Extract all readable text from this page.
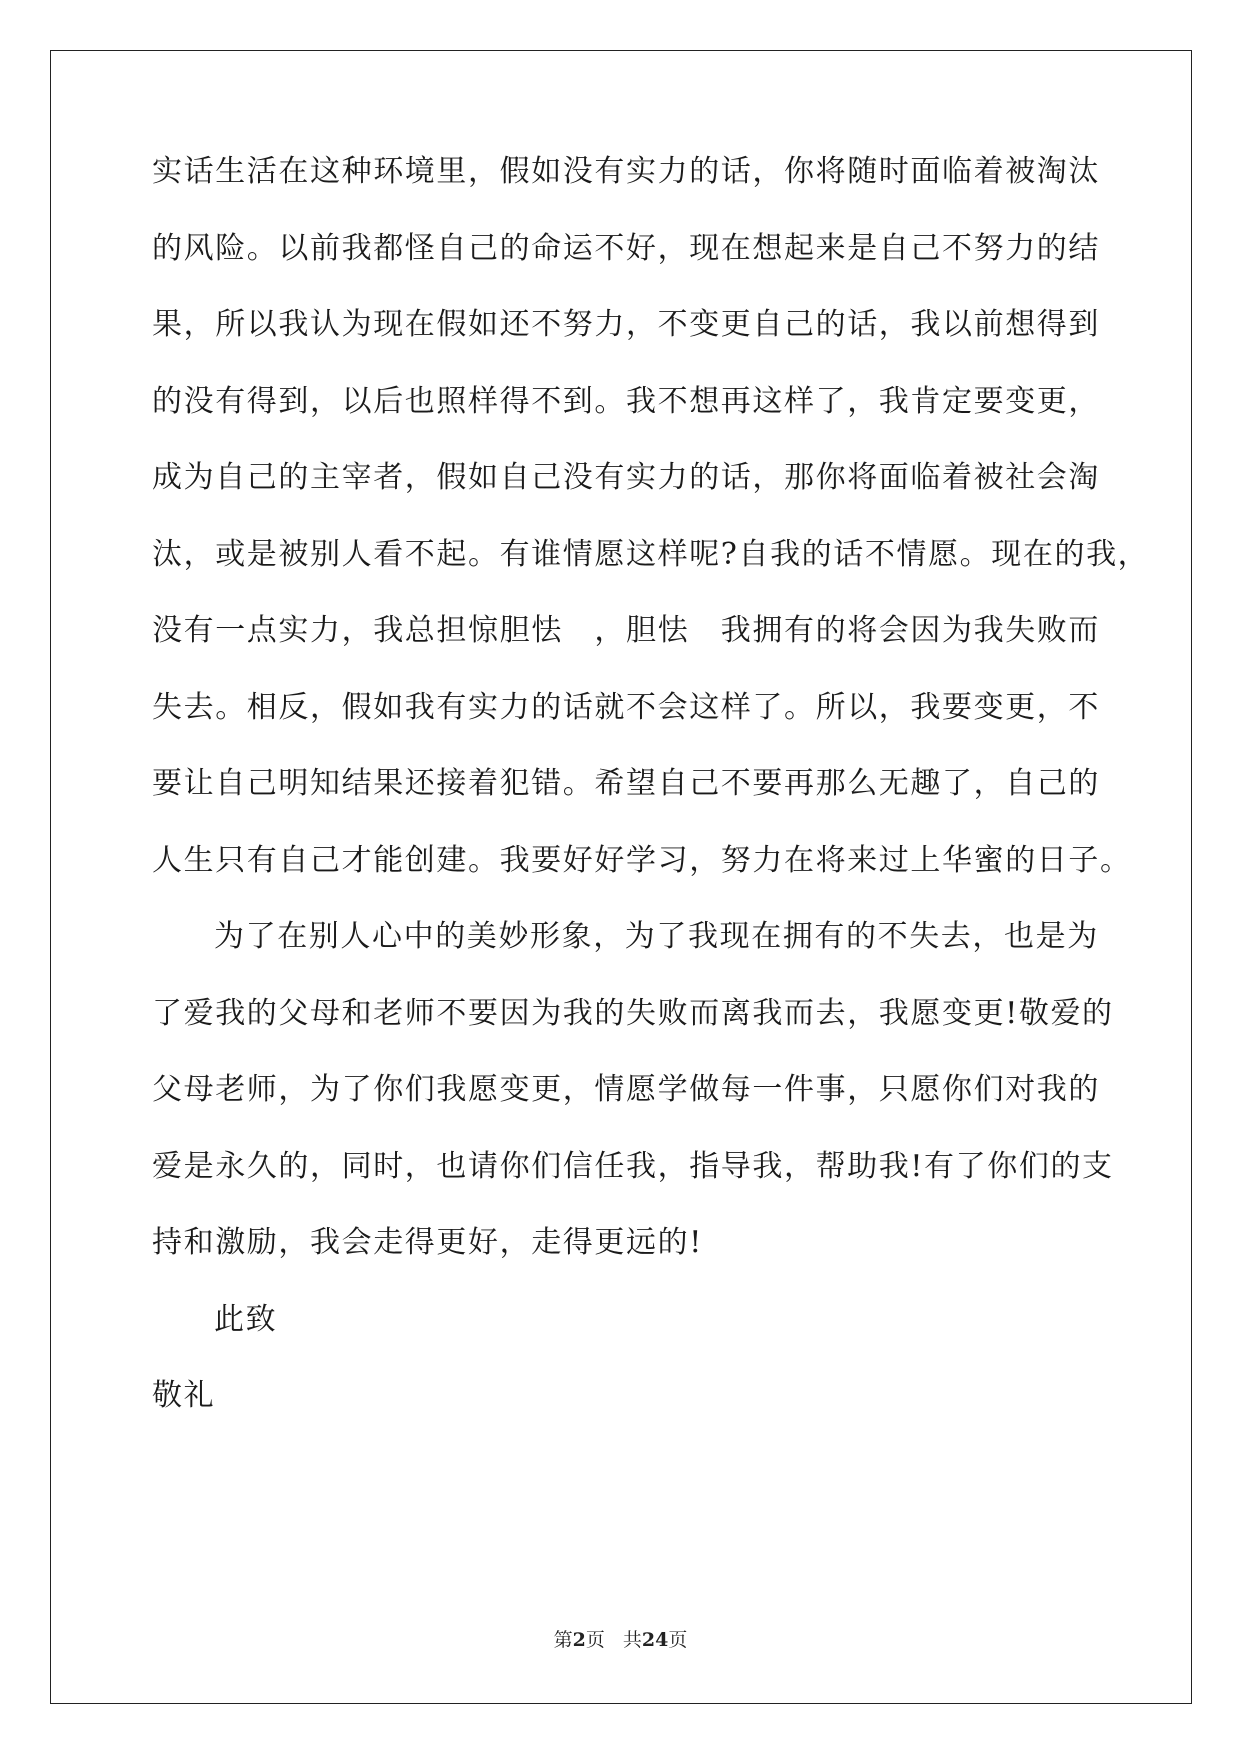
实话生活在这种环境里，假如没有实力的话，你将随时面临着被淘汰
的风险。以前我都怪自己的命运不好，现在想起来是自己不努力的结
果，所以我认为现在假如还不努力，不变更自己的话，我以前想得到
的没有得到，以后也照样得不到。我不想再这样了，我肯定要变更，
成为自己的主宰者，假如自己没有实力的话，那你将面临着被社会淘
汰，或是被别人看不起。有谁情愿这样呢?自我的话不情愿。现在的我，
没有一点实力，我总担惊胆怯　，胆怯　我拥有的将会因为我失败而
失去。相反，假如我有实力的话就不会这样了。所以，我要变更，不
要让自己明知结果还接着犯错。希望自己不要再那么无趣了，自己的
人生只有自己才能创建。我要好好学习，努力在将来过上华蜜的日子。
为了在别人心中的美妙形象，为了我现在拥有的不失去，也是为
了爱我的父母和老师不要因为我的失败而离我而去，我愿变更!敬爱的
父母老师，为了你们我愿变更，情愿学做每一件事，只愿你们对我的
爱是永久的，同时，也请你们信任我，指导我，帮助我!有了你们的支
持和激励，我会走得更好，走得更远的!
此致
敬礼
第2页 共24页
